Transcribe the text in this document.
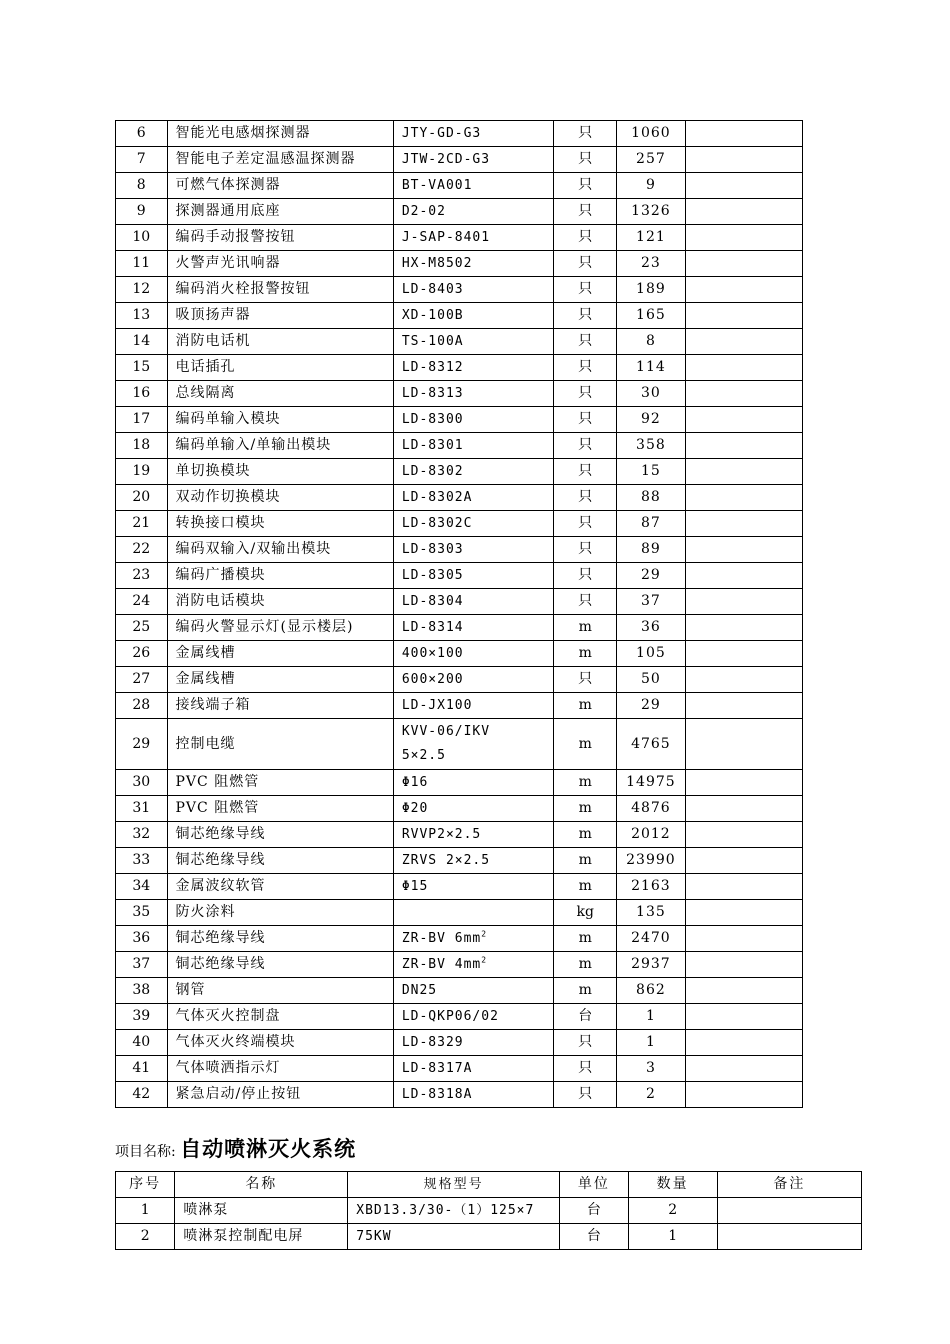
6	智能光电感烟探测器	JTY-GD-G3	只	1060	
7	智能电子差定温感温探测器	JTW-2CD-G3	只	257	
8	可燃气体探测器	BT-VA001	只	9	
9	探测器通用底座	D2-02	只	1326	
10	编码手动报警按钮	J-SAP-8401	只	121	
11	火警声光讯响器	HX-M8502	只	23	
12	编码消火栓报警按钮	LD-8403	只	189	
13	吸顶扬声器	XD-100B	只	165	
14	消防电话机	TS-100A	只	8	
15	电话插孔	LD-8312	只	114	
16	总线隔离	LD-8313	只	30	
17	编码单输入模块	LD-8300	只	92	
18	编码单输入/单输出模块	LD-8301	只	358	
19	单切换模块	LD-8302	只	15	
20	双动作切换模块	LD-8302A	只	88	
21	转换接口模块	LD-8302C	只	87	
22	编码双输入/双输出模块	LD-8303	只	89	
23	编码广播模块	LD-8305	只	29	
24	消防电话模块	LD-8304	只	37	
25	编码火警显示灯(显示楼层)	LD-8314	m	36	
26	金属线槽	400×100	m	105	
27	金属线槽	600×200	只	50	
28	接线端子箱	LD-JX100	m	29	
29	控制电缆	KVV-06/IKV
5×2.5	m	4765	
30	PVC 阻燃管	Φ16	m	14975	
31	PVC 阻燃管	Φ20	m	4876	
32	铜芯绝缘导线	RVVP2×2.5	m	2012	
33	铜芯绝缘导线	ZRVS 2×2.5	m	23990	
34	金属波纹软管	Φ15	m	2163	
35	防火涂料		kg	135	
36	铜芯绝缘导线	ZR-BV $6mm^2$	m	2470	
37	铜芯绝缘导线	ZR-BV $4mm^2$	m	2937	
38	钢管	DN25	m	862	
39	气体灭火控制盘	LD-QKP06/02	台	1	
40	气体灭火终端模块	LD-8329	只	1	
41	气体喷洒指示灯	LD-8317A	只	3	
42	紧急启动/停止按钮	LD-8318A	只	2	
项目名称: 自动喷淋灭火系统
序号	名称	规格型号	单位	数量	备注
1	喷淋泵	XBD13.3/30-（1）125×7	台	2	
2	喷淋泵控制配电屏	75KW	台	1	
